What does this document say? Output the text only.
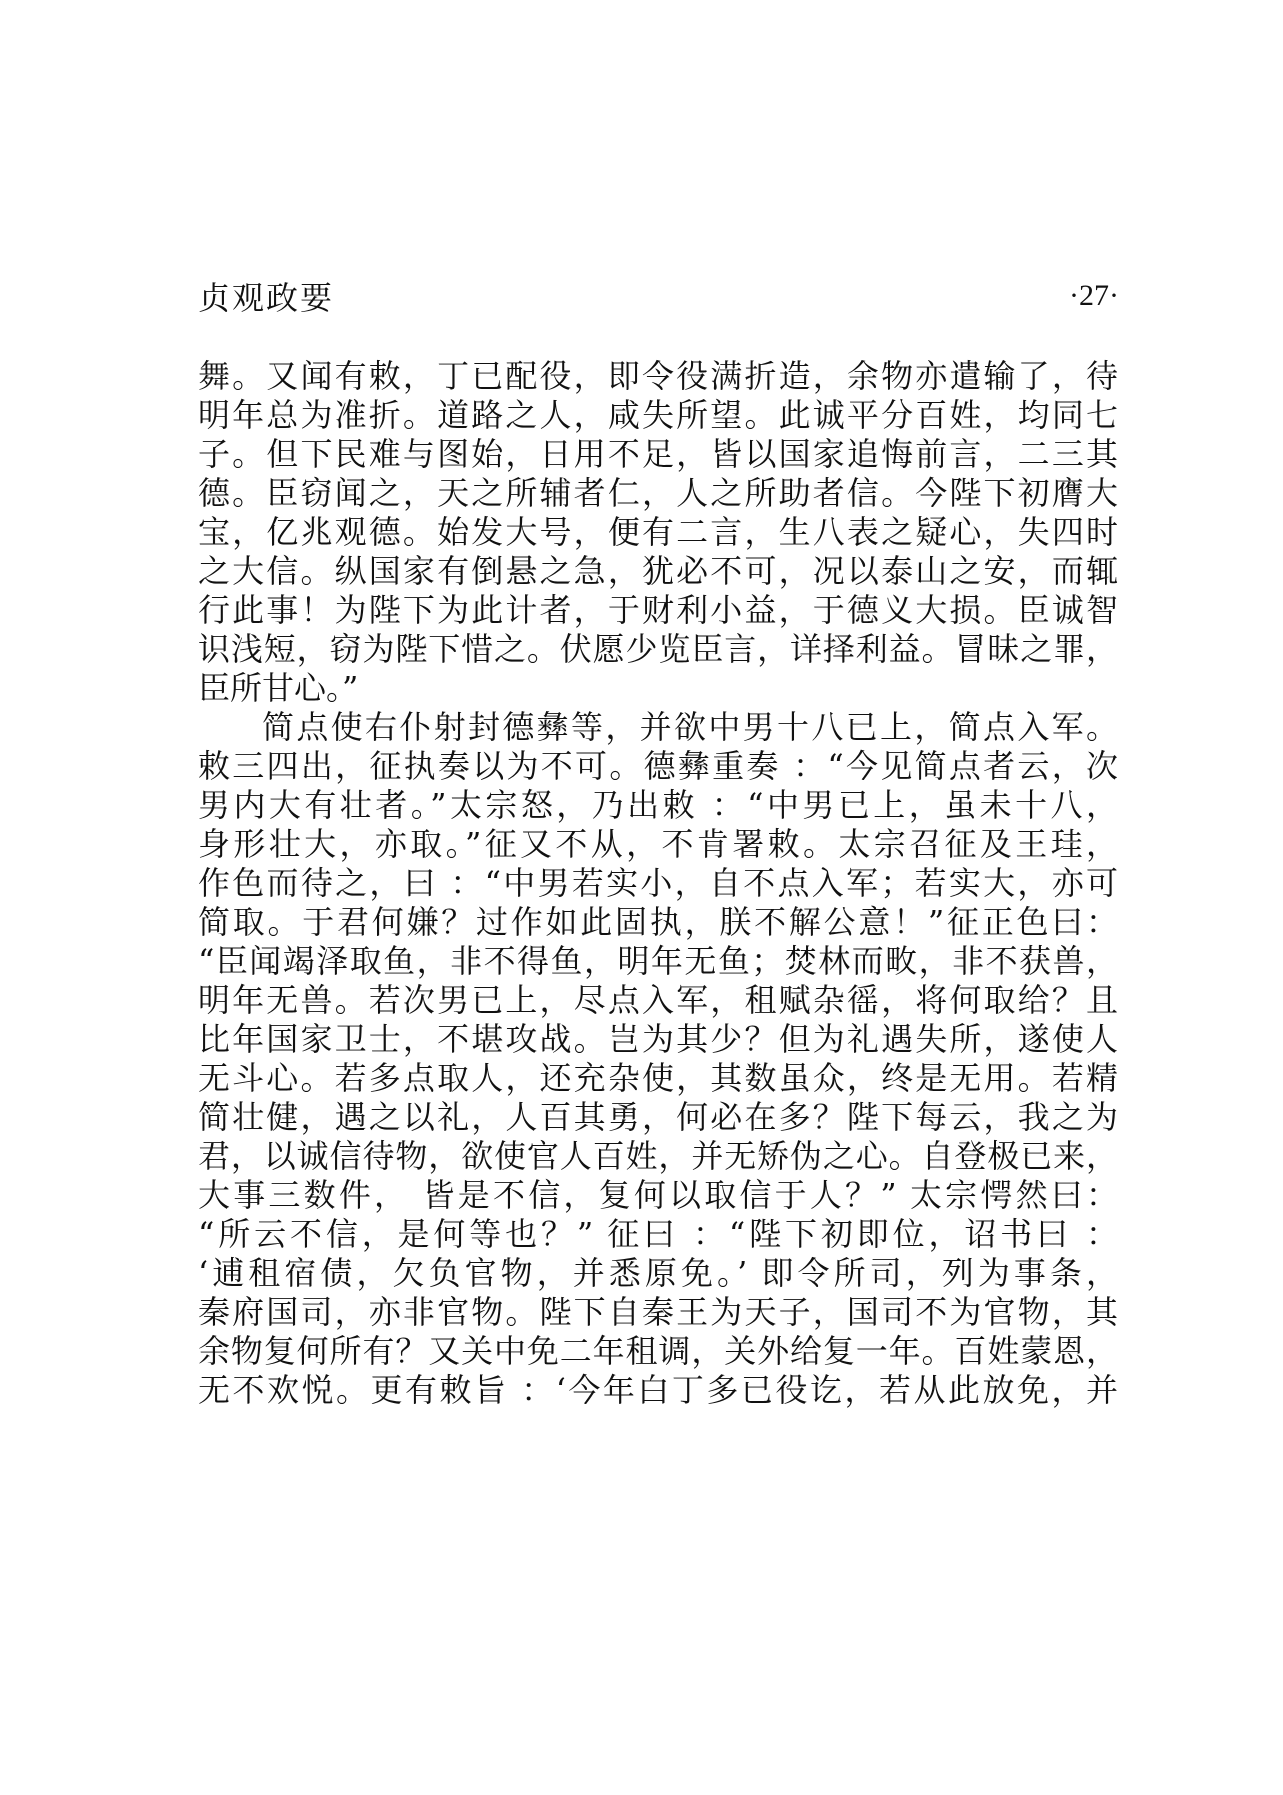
贞观政要	·27·
舞。又闻有敕，丁已配役，即令役满折造，余物亦遣输了，待
明年总为准折。道路之人，咸失所望。此诚平分百姓，均同七
子。但下民难与图始，日用不足，皆以国家追悔前言，二三其
德。臣窃闻之，天之所辅者仁，人之所助者信。今陛下初膺大
宝，亿兆观德。始发大号，便有二言，生八表之疑心，失四时
之大信。纵国家有倒悬之急，犹必不可，况以泰山之安，而辄
行此事！为陛下为此计者，于财利小益，于德义大损。臣诚智
识浅短，窃为陛下惜之。伏愿少览臣言，详择利益。冒昧之罪，
臣所甘心。”
简点使右仆射封德彝等，并欲中男十八已上，简点入军。
敕三四出，征执奏以为不可。德彝重奏 ：“今见简点者云，次
男内大有壮者。”太宗怒，乃出敕 ：“中男已上，虽未十八，
身形壮大，亦取。”征又不从，不肯署敕。太宗召征及王珪，
作色而待之，曰 ：“中男若实小，自不点入军；若实大，亦可
简取。于君何嫌？过作如此固执，朕不解公意！”征正色曰：
“臣闻竭泽取鱼，非不得鱼，明年无鱼；焚林而畋，非不获兽，
明年无兽。若次男已上，尽点入军，租赋杂徭，将何取给？且
比年国家卫士，不堪攻战。岂为其少？但为礼遇失所，遂使人
无斗心。若多点取人，还充杂使，其数虽众，终是无用。若精
简壮健，遇之以礼，人百其勇，何必在多？陛下每云，我之为
君，以诚信待物，欲使官人百姓，并无矫伪之心。自登极已来，
大事三数件， 皆是不信，复何以取信于人？” 太宗愕然曰：
“所云不信，是何等也？” 征曰 ：“陛下初即位，诏书曰 ：
‘逋租宿债，欠负官物，并悉原免。’ 即令所司，列为事条，
秦府国司，亦非官物。陛下自秦王为天子，国司不为官物，其
余物复何所有？又关中免二年租调，关外给复一年。百姓蒙恩，
无不欢悦。更有敕旨 ：‘今年白丁多已役讫，若从此放免，并
